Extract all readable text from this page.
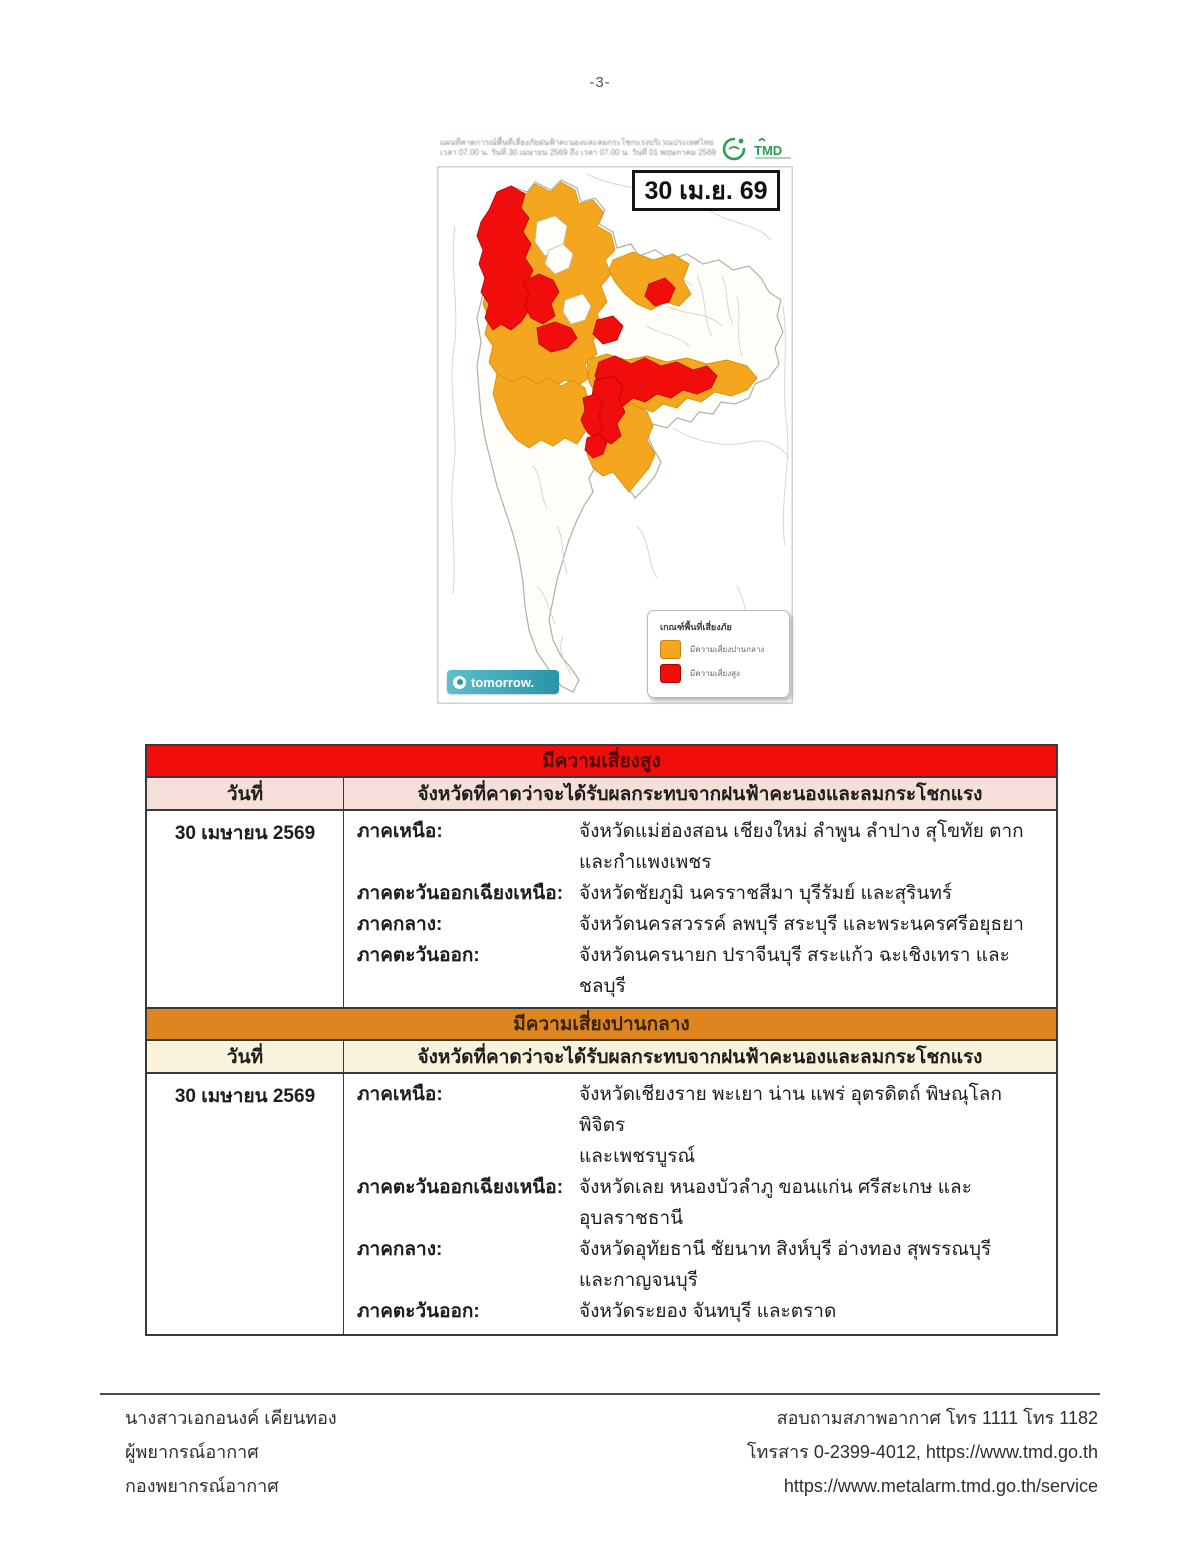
-3-
แผนที่คาดการณ์พื้นที่เสี่ยงภัยฝนฟ้าคะนองและลมกระโชกแรงบริเวณประเทศไทย
เวลา 07.00 น. วันที่ 30 เมษายน 2569 ถึง เวลา 07.00 น. วันที่ 01 พฤษภาคม 2569	TMD
30 เม.ย. 69
เกณฑ์พื้นที่เสี่ยงภัย
มีความเสี่ยงปานกลาง
มีความเสี่ยงสูง
tomorrow.
มีความเสี่ยงสูง
วันที่	จังหวัดที่คาดว่าจะได้รับผลกระทบจากฝนฟ้าคะนองและลมกระโชกแรง
30 เมษายน 2569	ภาคเหนือ:	จังหวัดแม่ฮ่องสอน เชียงใหม่ ลำพูน ลำปาง สุโขทัย ตาก
และกำแพงเพชร
ภาคตะวันออกเฉียงเหนือ: จังหวัดชัยภูมิ นครราชสีมา บุรีรัมย์ และสุรินทร์
ภาคกลาง:	จังหวัดนครสวรรค์ ลพบุรี สระบุรี และพระนครศรีอยุธยา
ภาคตะวันออก:	จังหวัดนครนายก ปราจีนบุรี สระแก้ว ฉะเชิงเทรา และชลบุรี
มีความเสี่ยงปานกลาง
วันที่	จังหวัดที่คาดว่าจะได้รับผลกระทบจากฝนฟ้าคะนองและลมกระโชกแรง
30 เมษายน 2569	ภาคเหนือ:	จังหวัดเชียงราย พะเยา น่าน แพร่ อุตรดิตถ์ พิษณุโลก พิจิตร
และเพชรบูรณ์
ภาคตะวันออกเฉียงเหนือ: จังหวัดเลย หนองบัวลำภู ขอนแก่น ศรีสะเกษ และอุบลราชธานี
ภาคกลาง:	จังหวัดอุทัยธานี ชัยนาท สิงห์บุรี อ่างทอง สุพรรณบุรี
และกาญจนบุรี
ภาคตะวันออก:	จังหวัดระยอง จันทบุรี และตราด
นางสาวเอกอนงค์ เคียนทอง
ผู้พยากรณ์อากาศ
กองพยากรณ์อากาศ
สอบถามสภาพอากาศ โทร 1111 โทร 1182
โทรสาร 0-2399-4012, https://www.tmd.go.th
https://www.metalarm.tmd.go.th/service
